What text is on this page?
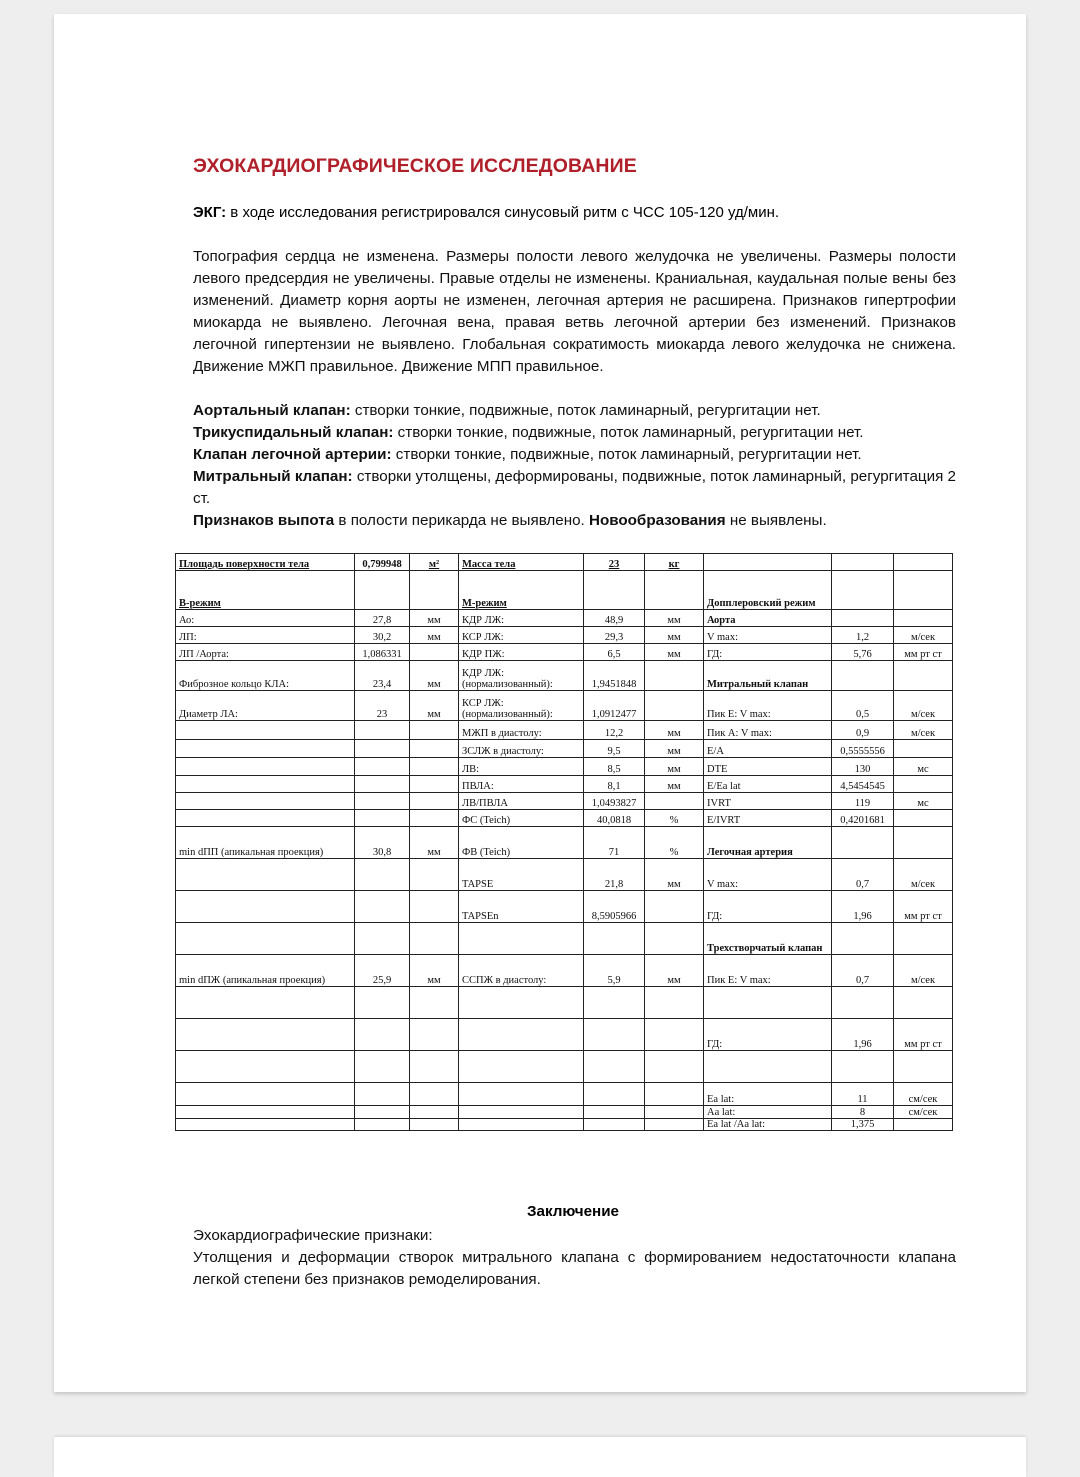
ЭХОКАРДИОГРАФИЧЕСКОЕ ИССЛЕДОВАНИЕ

ЭКГ: в ходе исследования регистрировался синусовый ритм с ЧСС 105-120 уд/мин.

Топография сердца не изменена. Размеры полости левого желудочка не увеличены. Размеры полости левого предсердия не увеличены. Правые отделы не изменены. Краниальная, каудальная полые вены без изменений. Диаметр корня аорты не изменен, легочная артерия не расширена. Признаков гипертрофии миокарда не выявлено. Легочная вена, правая ветвь легочной артерии без изменений. Признаков легочной гипертензии не выявлено. Глобальная сократимость миокарда левого желудочка не снижена. Движение МЖП правильное. Движение МПП правильное.

Аортальный клапан: створки тонкие, подвижные, поток ламинарный, регургитации нет.

Трикуспидальный клапан: створки тонкие, подвижные, поток ламинарный, регургитации нет.

Клапан легочной артерии: створки тонкие, подвижные, поток ламинарный, регургитации нет.

Митральный клапан: створки утолщены, деформированы, подвижные, поток ламинарный, регургитация 2 ст.

Признаков выпота в полости перикарда не выявлено. Новообразования не выявлены.

Площадь поверхности тела	0,799948	м²	Масса тела	23	кг			
В-режим			М-режим			Допплеровский режим		
Ао:	27,8	мм	КДР ЛЖ:	48,9	мм	Аорта		
ЛП:	30,2	мм	КСР ЛЖ:	29,3	мм	V max:	1,2	м/сек
ЛП /Аорта:	1,086331		КДР ПЖ:	6,5	мм	ГД:	5,76	мм рт ст
Фиброзное кольцо КЛА:	23,4	мм	КДР ЛЖ: (нормализованный):	1,9451848		Митральный клапан		
Диаметр ЛА:	23	мм	КСР ЛЖ: (нормализованный):	1,0912477		Пик E: V max:	0,5	м/сек
			МЖП в диастолу:	12,2	мм	Пик A: V max:	0,9	м/сек
			ЗСЛЖ в диастолу:	9,5	мм	E/A	0,5555556	
			ЛВ:	8,5	мм	DTE	130	мс
			ПВЛА:	8,1	мм	E/Ea lat	4,5454545	
			ЛВ/ПВЛА	1,0493827		IVRT	119	мс
			ФС (Teich)	40,0818	%	E/IVRT	0,4201681	
min dПП (апикальная проекция)	30,8	мм	ФВ (Teich)	71	%	Легочная артерия		
			TAPSE	21,8	мм	V max:	0,7	м/сек
			TAPSEn	8,5905966		ГД:	1,96	мм рт ст
						Трехстворчатый клапан		
min dПЖ (апикальная проекция)	25,9	мм	ССПЖ в диастолу:	5,9	мм	Пик E: V max:	0,7	м/сек

						ГД:	1,96	мм рт ст

						Ea lat:	11	см/сек
						Aa lat:	8	см/сек
						Ea lat /Aa lat:	1,375	
Заключение

Эхокардиографические признаки:

Утолщения и деформации створок митрального клапана с формированием недостаточности клапана легкой степени без признаков ремоделирования.
